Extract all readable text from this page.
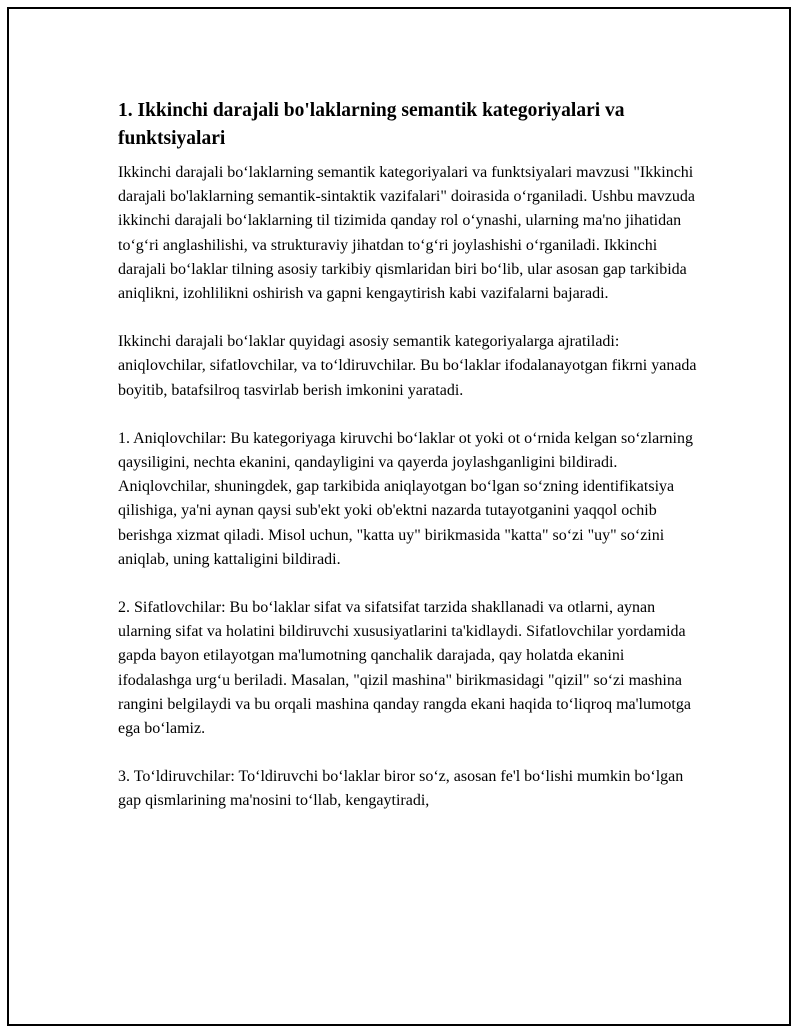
1. Ikkinchi darajali bo'laklarning semantik kategoriyalari va funktsiyalari

Ikkinchi darajali bo‘laklarning semantik kategoriyalari va funktsiyalari mavzusi "Ikkinchi darajali bo'laklarning semantik-sintaktik vazifalari" doirasida o‘rganiladi. Ushbu mavzuda ikkinchi darajali bo‘laklarning til tizimida qanday rol o‘ynashi, ularning ma'no jihatidan to‘g‘ri anglashilishi, va strukturaviy jihatdan to‘g‘ri joylashishi o‘rganiladi. Ikkinchi darajali bo‘laklar tilning asosiy tarkibiy qismlaridan biri bo‘lib, ular asosan gap tarkibida aniqlikni, izohlilikni oshirish va gapni kengaytirish kabi vazifalarni bajaradi.

Ikkinchi darajali bo‘laklar quyidagi asosiy semantik kategoriyalarga ajratiladi: aniqlovchilar, sifatlovchilar, va to‘ldiruvchilar. Bu bo‘laklar ifodalanayotgan fikrni yanada boyitib, batafsilroq tasvirlab berish imkonini yaratadi.

1. Aniqlovchilar: Bu kategoriyaga kiruvchi bo‘laklar ot yoki ot o‘rnida kelgan so‘zlarning qaysiligini, nechta ekanini, qandayligini va qayerda joylashganligini bildiradi. Aniqlovchilar, shuningdek, gap tarkibida aniqlayotgan bo‘lgan so‘zning identifikatsiya qilishiga, ya'ni aynan qaysi sub'ekt yoki ob'ektni nazarda tutayotganini yaqqol ochib berishga xizmat qiladi. Misol uchun, "katta uy" birikmasida "katta" so‘zi "uy" so‘zini aniqlab, uning kattaligini bildiradi.

2. Sifatlovchilar: Bu bo‘laklar sifat va sifatsifat tarzida shakllanadi va otlarni, aynan ularning sifat va holatini bildiruvchi xususiyatlarini ta'kidlaydi. Sifatlovchilar yordamida gapda bayon etilayotgan ma'lumotning qanchalik darajada, qay holatda ekanini ifodalashga urg‘u beriladi. Masalan, "qizil mashina" birikmasidagi "qizil" so‘zi mashina rangini belgilaydi va bu orqali mashina qanday rangda ekani haqida to‘liqroq ma'lumotga ega bo‘lamiz.

3. To‘ldiruvchilar: To‘ldiruvchi bo‘laklar biror so‘z, asosan fe'l bo‘lishi mumkin bo‘lgan gap qismlarining ma'nosini to‘llab, kengaytiradi,
